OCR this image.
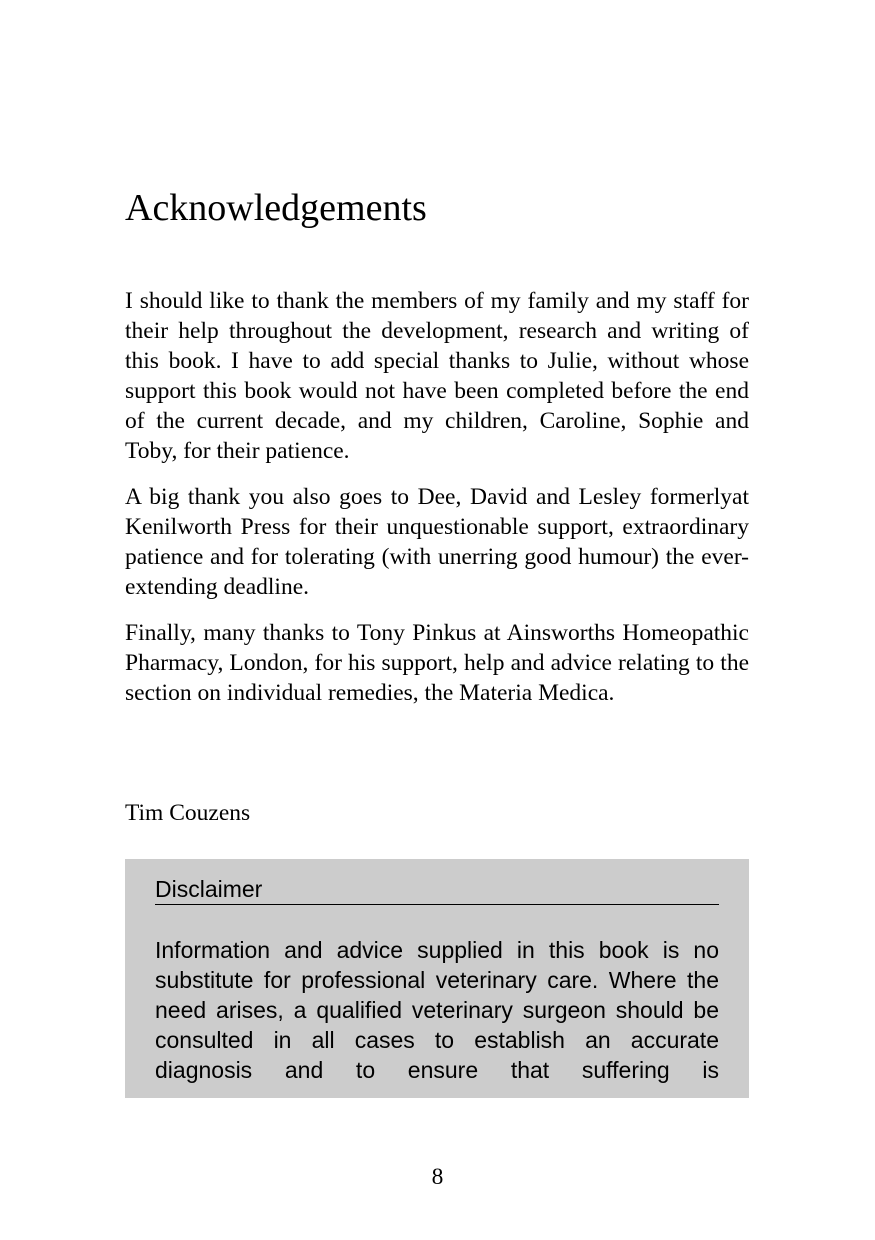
Acknowledgements

I should like to thank the members of my family and my staff for their help throughout the development, research and writing of this book. I have to add special thanks to Julie, without whose support this book would not have been completed before the end of the current decade, and my children, Caroline, Sophie and Toby, for their patience.

A big thank you also goes to Dee, David and Lesley formerlyat Kenilworth Press for their unquestionable support, extraordinary patience and for tolerating (with unerring good humour) the ever-extending deadline.

Finally, many thanks to Tony Pinkus at Ainsworths Homeopathic Pharmacy, London, for his support, help and advice relating to the section on individual remedies, the Materia Medica.

Tim Couzens

Disclaimer

Information and advice supplied in this book is no substitute for professional veterinary care. Where the need arises, a qualified veterinary surgeon should be consulted in all cases to establish an accurate diagnosis and to ensure that suffering is

8
